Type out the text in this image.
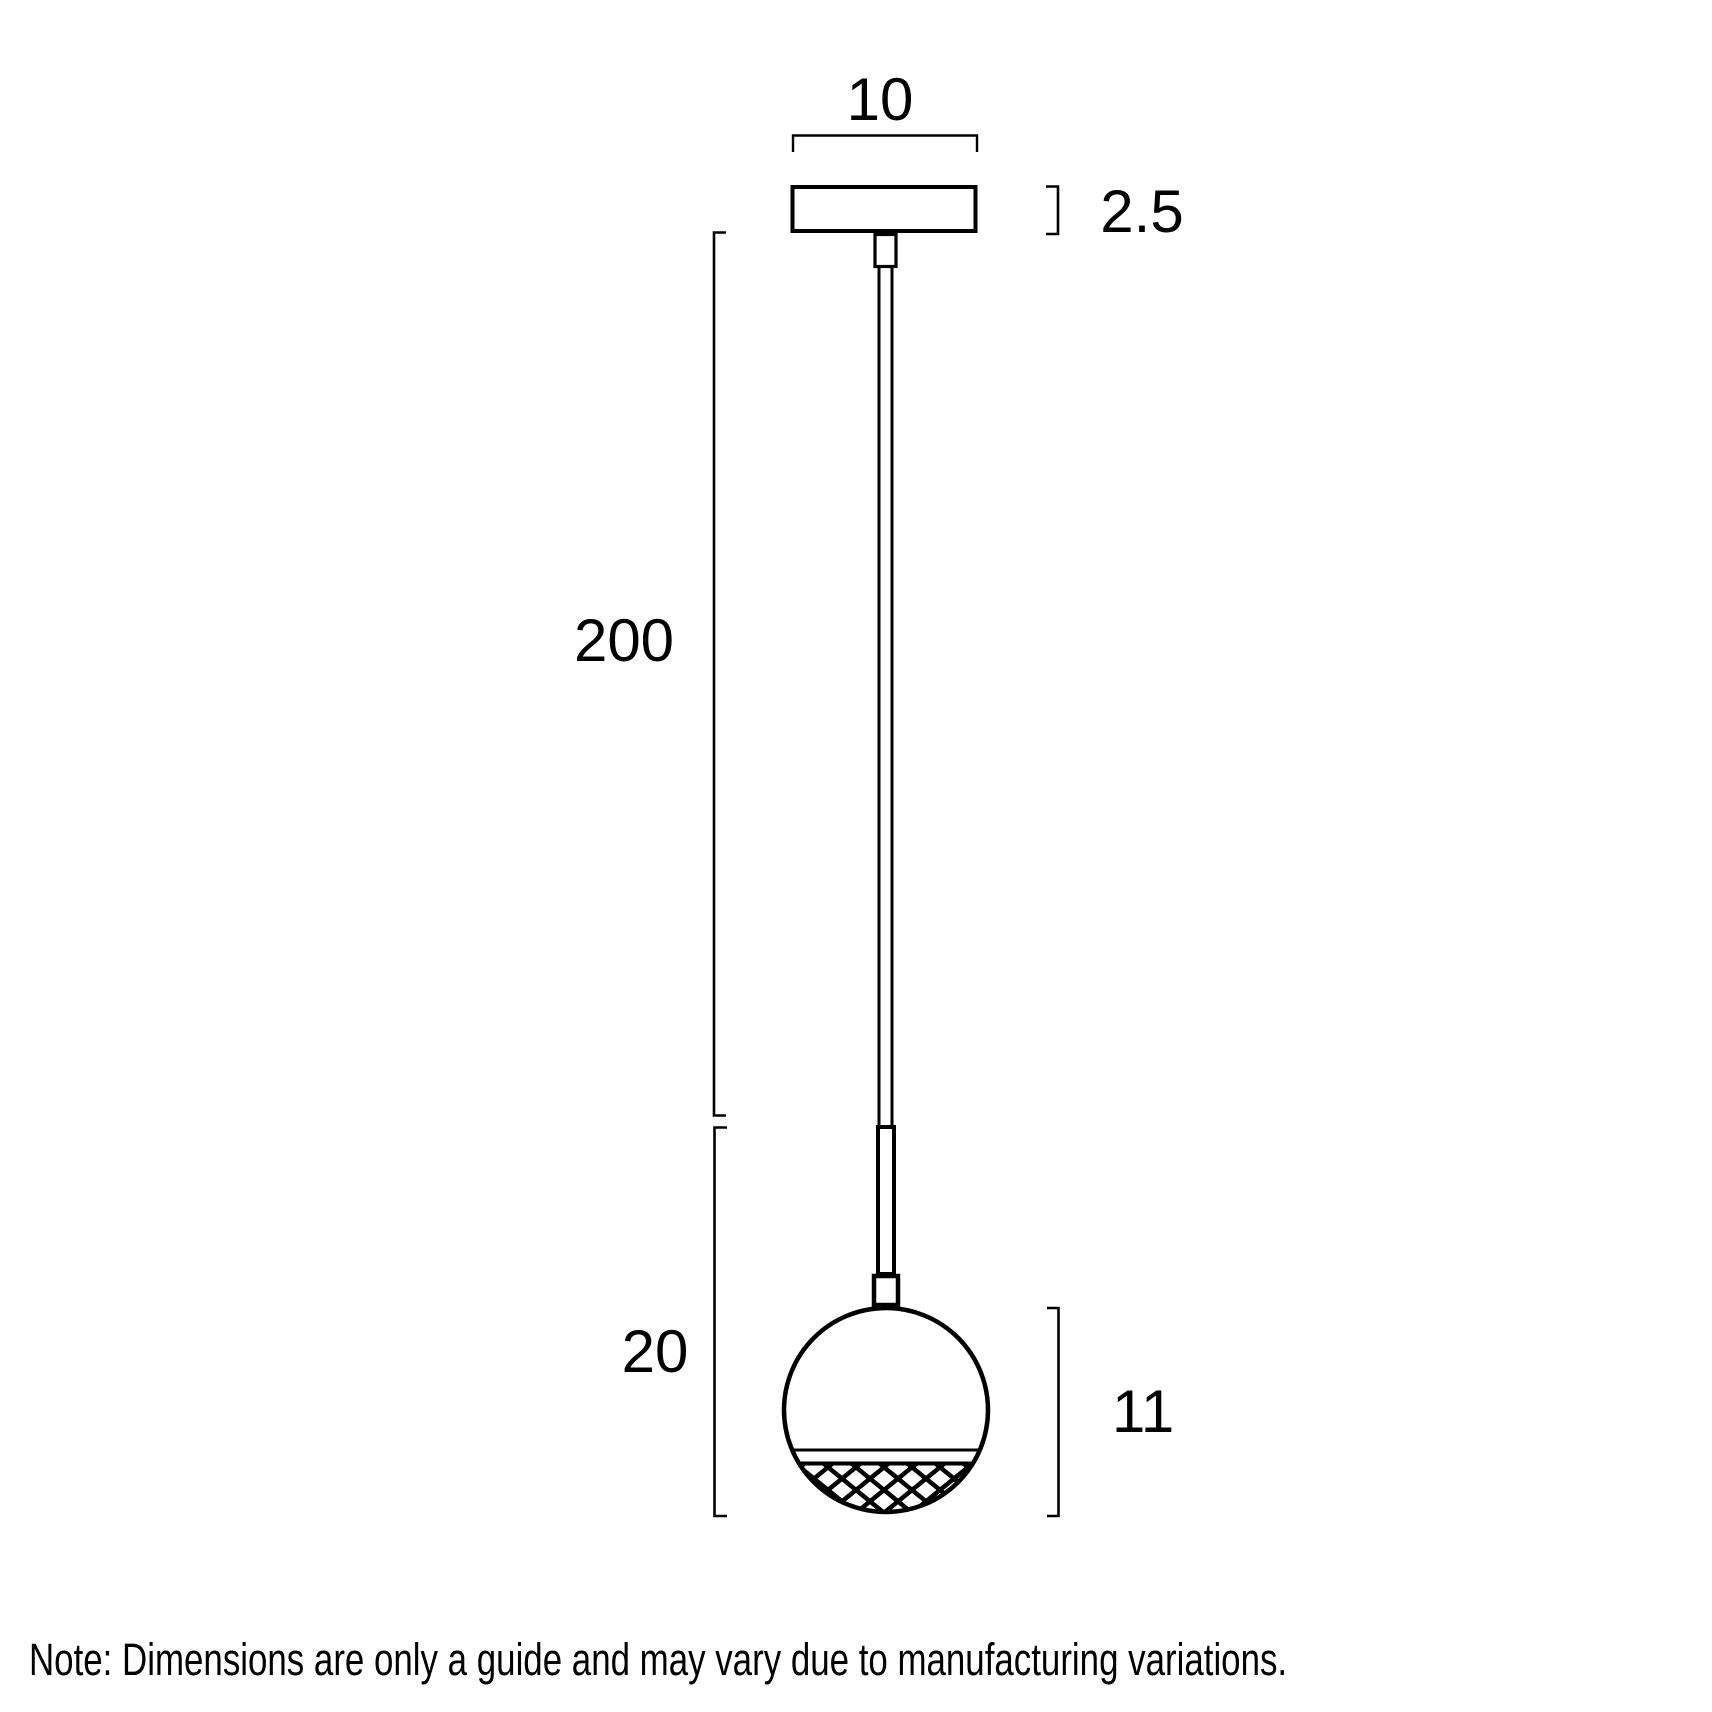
10
2.5
200
20
11
Note: Dimensions are only a guide and may vary due to manufacturing variations.
